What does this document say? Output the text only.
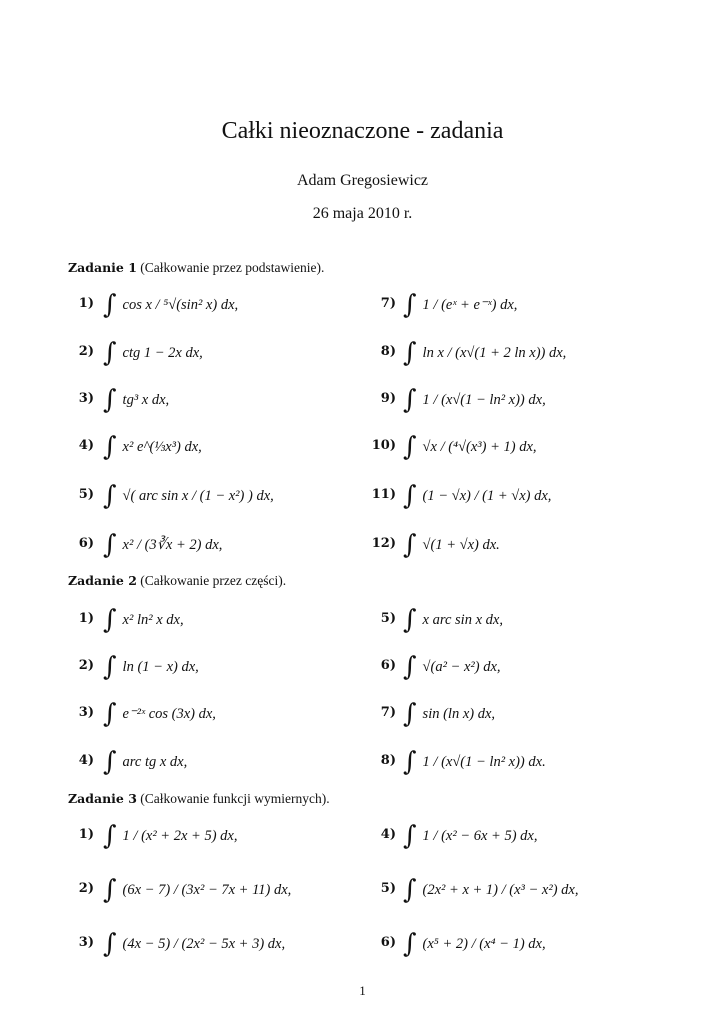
Całki nieoznaczone - zadania
Adam Gregosiewicz
26 maja 2010 r.
Zadanie 1 (Całkowanie przez podstawienie).
Zadanie 2 (Całkowanie przez części).
Zadanie 3 (Całkowanie funkcji wymiernych).
1) ∫ cos x / ⁵√(sin² x) dx,
2) ∫ ctg 1 − 2x dx,
3) ∫ tg³ x dx,
4) ∫ x² e^(⅓x³) dx,
5) ∫ √( arc sin x / (1 − x²) ) dx,
6) ∫ x² / (3∛x + 2) dx,
7) ∫ 1 / (eˣ + e⁻ˣ) dx,
8) ∫ ln x / (x√(1 + 2 ln x)) dx,
9) ∫ 1 / (x√(1 − ln² x)) dx,
10) ∫ √x / (⁴√(x³) + 1) dx,
11) ∫ (1 − √x) / (1 + √x) dx,
12) ∫ √(1 + √x) dx.
1) ∫ x² ln² x dx,
2) ∫ ln (1 − x) dx,
3) ∫ e⁻²ˣ cos (3x) dx,
4) ∫ arc tg x dx,
5) ∫ x arc sin x dx,
6) ∫ √(a² − x²) dx,
7) ∫ sin (ln x) dx,
8) ∫ 1 / (x√(1 − ln² x)) dx.
1) ∫ 1 / (x² + 2x + 5) dx,
2) ∫ (6x − 7) / (3x² − 7x + 11) dx,
3) ∫ (4x − 5) / (2x² − 5x + 3) dx,
4) ∫ 1 / (x² − 6x + 5) dx,
5) ∫ (2x² + x + 1) / (x³ − x²) dx,
6) ∫ (x⁵ + 2) / (x⁴ − 1) dx,
1
